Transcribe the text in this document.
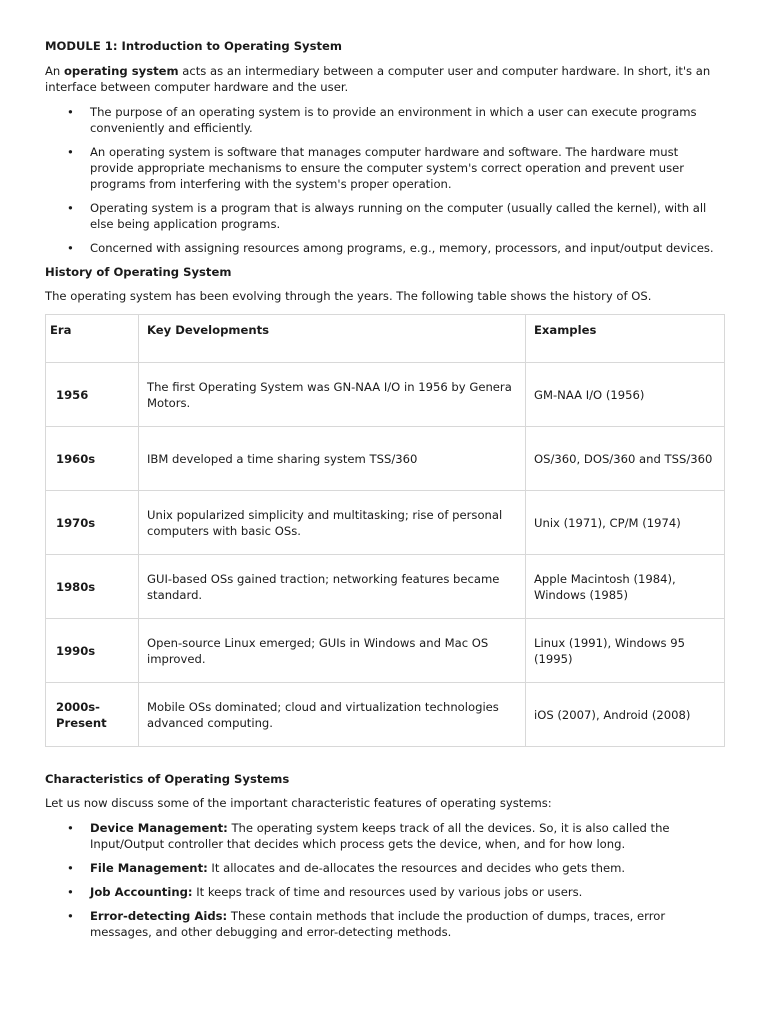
MODULE 1: Introduction to Operating System

An operating system acts as an intermediary between a computer user and computer hardware. In short, it's an interface between computer hardware and the user.

• The purpose of an operating system is to provide an environment in which a user can execute programs conveniently and efficiently.
• An operating system is software that manages computer hardware and software. The hardware must provide appropriate mechanisms to ensure the computer system's correct operation and prevent user programs from interfering with the system's proper operation.
• Operating system is a program that is always running on the computer (usually called the kernel), with all else being application programs.
• Concerned with assigning resources among programs, e.g., memory, processors, and input/output devices.
History of Operating System

The operating system has been evolving through the years. The following table shows the history of OS.

Era	Key Developments	Examples
1956	The first Operating System was GN-NAA I/O in 1956 by Genera Motors.	GM-NAA I/O (1956)
1960s	IBM developed a time sharing system TSS/360	OS/360, DOS/360 and TSS/360
1970s	Unix popularized simplicity and multitasking; rise of personal computers with basic OSs.	Unix (1971), CP/M (1974)
1980s	GUI-based OSs gained traction; networking features became standard.	Apple Macintosh (1984), Windows (1985)
1990s	Open-source Linux emerged; GUIs in Windows and Mac OS improved.	Linux (1991), Windows 95 (1995)
2000s-
Present	Mobile OSs dominated; cloud and virtualization technologies advanced computing.	iOS (2007), Android (2008)
Characteristics of Operating Systems

Let us now discuss some of the important characteristic features of operating systems:

• Device Management: The operating system keeps track of all the devices. So, it is also called the Input/Output controller that decides which process gets the device, when, and for how long.
• File Management: It allocates and de-allocates the resources and decides who gets them.
• Job Accounting: It keeps track of time and resources used by various jobs or users.
• Error-detecting Aids: These contain methods that include the production of dumps, traces, error messages, and other debugging and error-detecting methods.
